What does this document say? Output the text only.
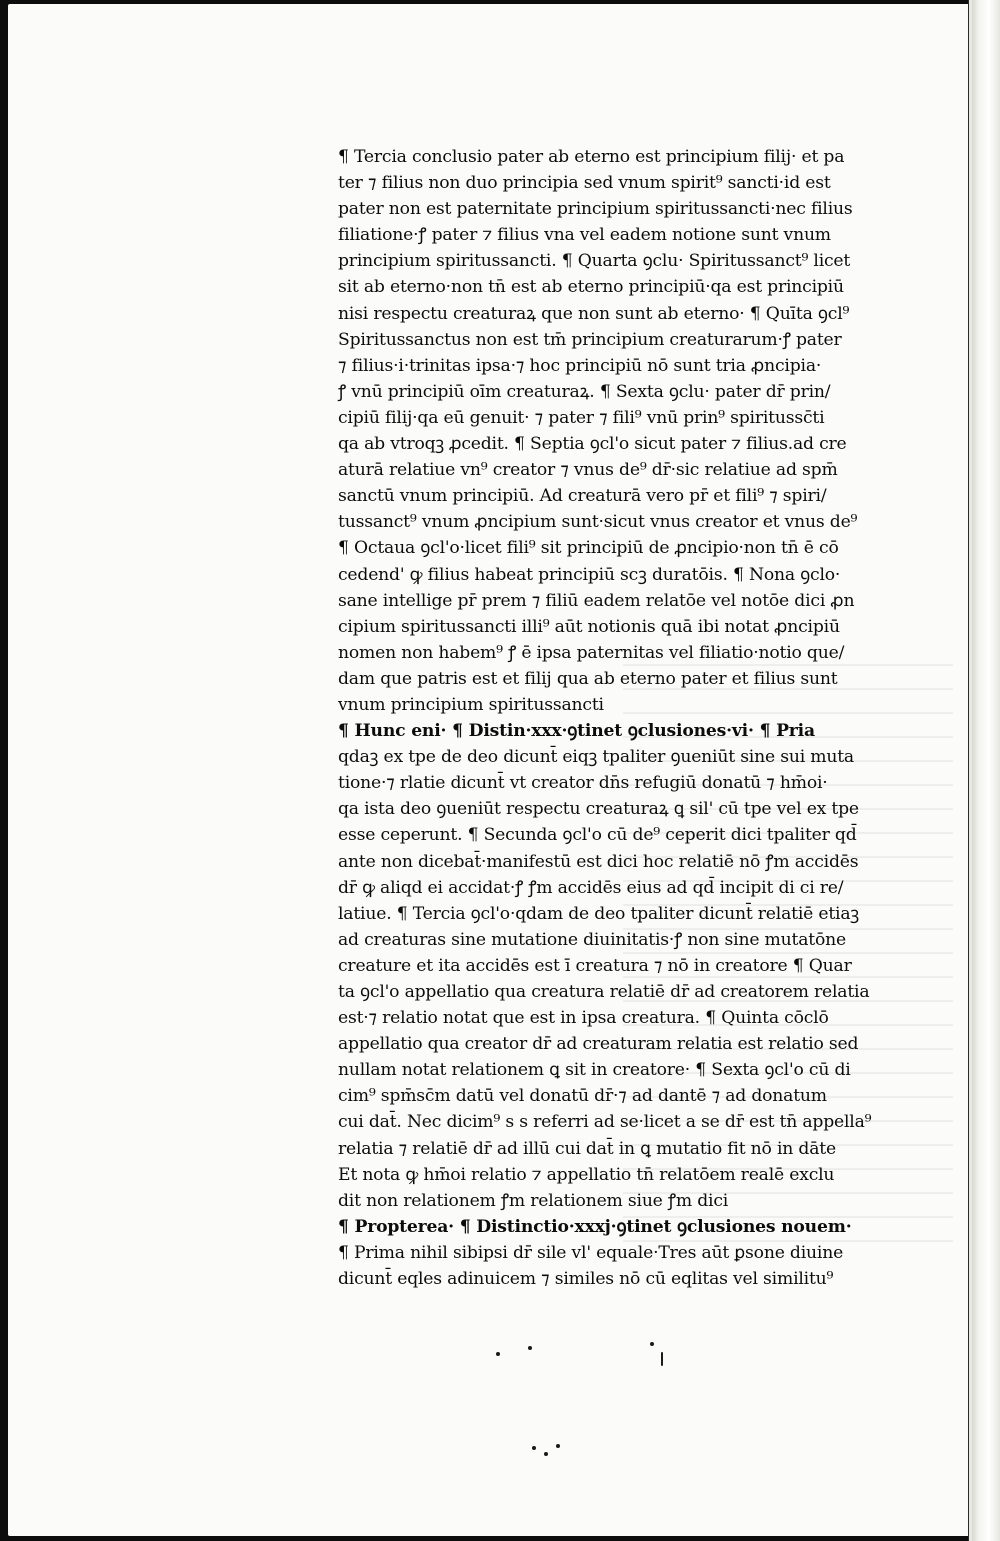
¶ Tercia conclusio pater ab eterno est principium filij· et pa
ter ⁊ filius non duo principia sed vnum spirit⁹ sancti·id est
pater non est paternitate principium spiritussancti·nec filius
filiatione·ꝭ pater ⁊ filius vna vel eadem notione sunt vnum
principium spiritussancti. ¶ Quarta ꝯclu· Spiritussanct⁹ licet
sit ab eterno·non tn̄ est ab eterno principiū·qa est principiū
nisi respectu creaturaꝝ que non sunt ab eterno· ¶ Quīta ꝯcl⁹
Spiritussanctus non est tm̄ principium creaturarum·ꝭ pater
⁊ filius·i·trinitas ipsa·⁊ hoc principiū nō sunt tria ꝓncipia·
ꝭ vnū principiū oīm creaturaꝝ. ¶ Sexta ꝯclu· pater dr̄ prin/
cipiū filij·qa eū genuit· ⁊ pater ⁊ fili⁹ vnū prin⁹ spiritussc̄ti
qa ab vtroqꝫ ꝓcedit. ¶ Septia ꝯcl'o sicut pater ⁊ filius.ad cre
aturā relatiue vn⁹ creator ⁊ vnus de⁹ dr̄·sic relatiue ad spm̄
sanctū vnum principiū. Ad creaturā vero pr̄ et fili⁹ ⁊ spiri/
tussanct⁹ vnum ꝓncipium sunt·sicut vnus creator et vnus de⁹
¶ Octaua ꝯcl'o·licet fili⁹ sit principiū de ꝓncipio·non tn̄ ē cō
cedend' ꝙ filius habeat principiū scꝫ duratōis. ¶ Nona ꝯclo·
sane intellige pr̄ prem ⁊ filiū eadem relatōe vel notōe dici ꝓn
cipium spiritussancti illi⁹ aūt notionis quā ibi notat ꝓncipiū
nomen non habem⁹ ꝭ ē ipsa paternitas vel filiatio·notio que/
dam que patris est et filij qua ab eterno pater et filius sunt
vnum principium spiritussancti
¶ Hunc eni· ¶ Distin·xxx·ꝯtinet ꝯclusiones·vi· ¶ Pria
qdaꝫ ex tpe de deo dicunt̄ eiqꝫ tpaliter ꝯueniūt sine sui muta
tione·⁊ rlatie dicunt̄ vt creator dn̄s refugiū donatū ⁊ hm̄oi·
qa ista deo ꝯueniūt respectu creaturaꝝ ꝗ sil' cū tpe vel ex tpe
esse ceperunt. ¶ Secunda ꝯcl'o cū de⁹ ceperit dici tpaliter qd̄
ante non dicebat̄·manifestū est dici hoc relatiē nō ꝭm accidēs
dr̄ ꝙ aliqd ei accidat·ꝭ ꝭm accidēs eius ad qd̄ incipit di ci re/
latiue. ¶ Tercia ꝯcl'o·qdam de deo tpaliter dicunt̄ relatiē etiaꝫ
ad creaturas sine mutatione diuinitatis·ꝭ non sine mutatōne
creature et ita accidēs est ī creatura ⁊ nō in creatore ¶ Quar
ta ꝯcl'o appellatio qua creatura relatiē dr̄ ad creatorem relatia
est·⁊ relatio notat que est in ipsa creatura. ¶ Quinta cōclō
appellatio qua creator dr̄ ad creaturam relatia est relatio sed
nullam notat relationem ꝗ sit in creatore· ¶ Sexta ꝯcl'o cū di
cim⁹ spm̄sc̄m datū vel donatū dr̄·⁊ ad dantē ⁊ ad donatum
cui dat̄. Nec dicim⁹ s s referri ad se·licet a se dr̄ est tn̄ appella⁹
relatia ⁊ relatiē dr̄ ad illū cui dat̄ in ꝗ mutatio fit nō in dāte
Et nota ꝙ hm̄oi relatio ⁊ appellatio tn̄ relatōem realē exclu
dit non relationem ꝭm relationem siue ꝭm dici
¶ Propterea· ¶ Distinctio·xxxj·ꝯtinet ꝯclusiones nouem·
¶ Prima nihil sibipsi dr̄ sile vl' equale·Tres aūt ꝑsone diuine
dicunt̄ eqles adinuicem ⁊ similes nō cū eqlitas vel similitu⁹
